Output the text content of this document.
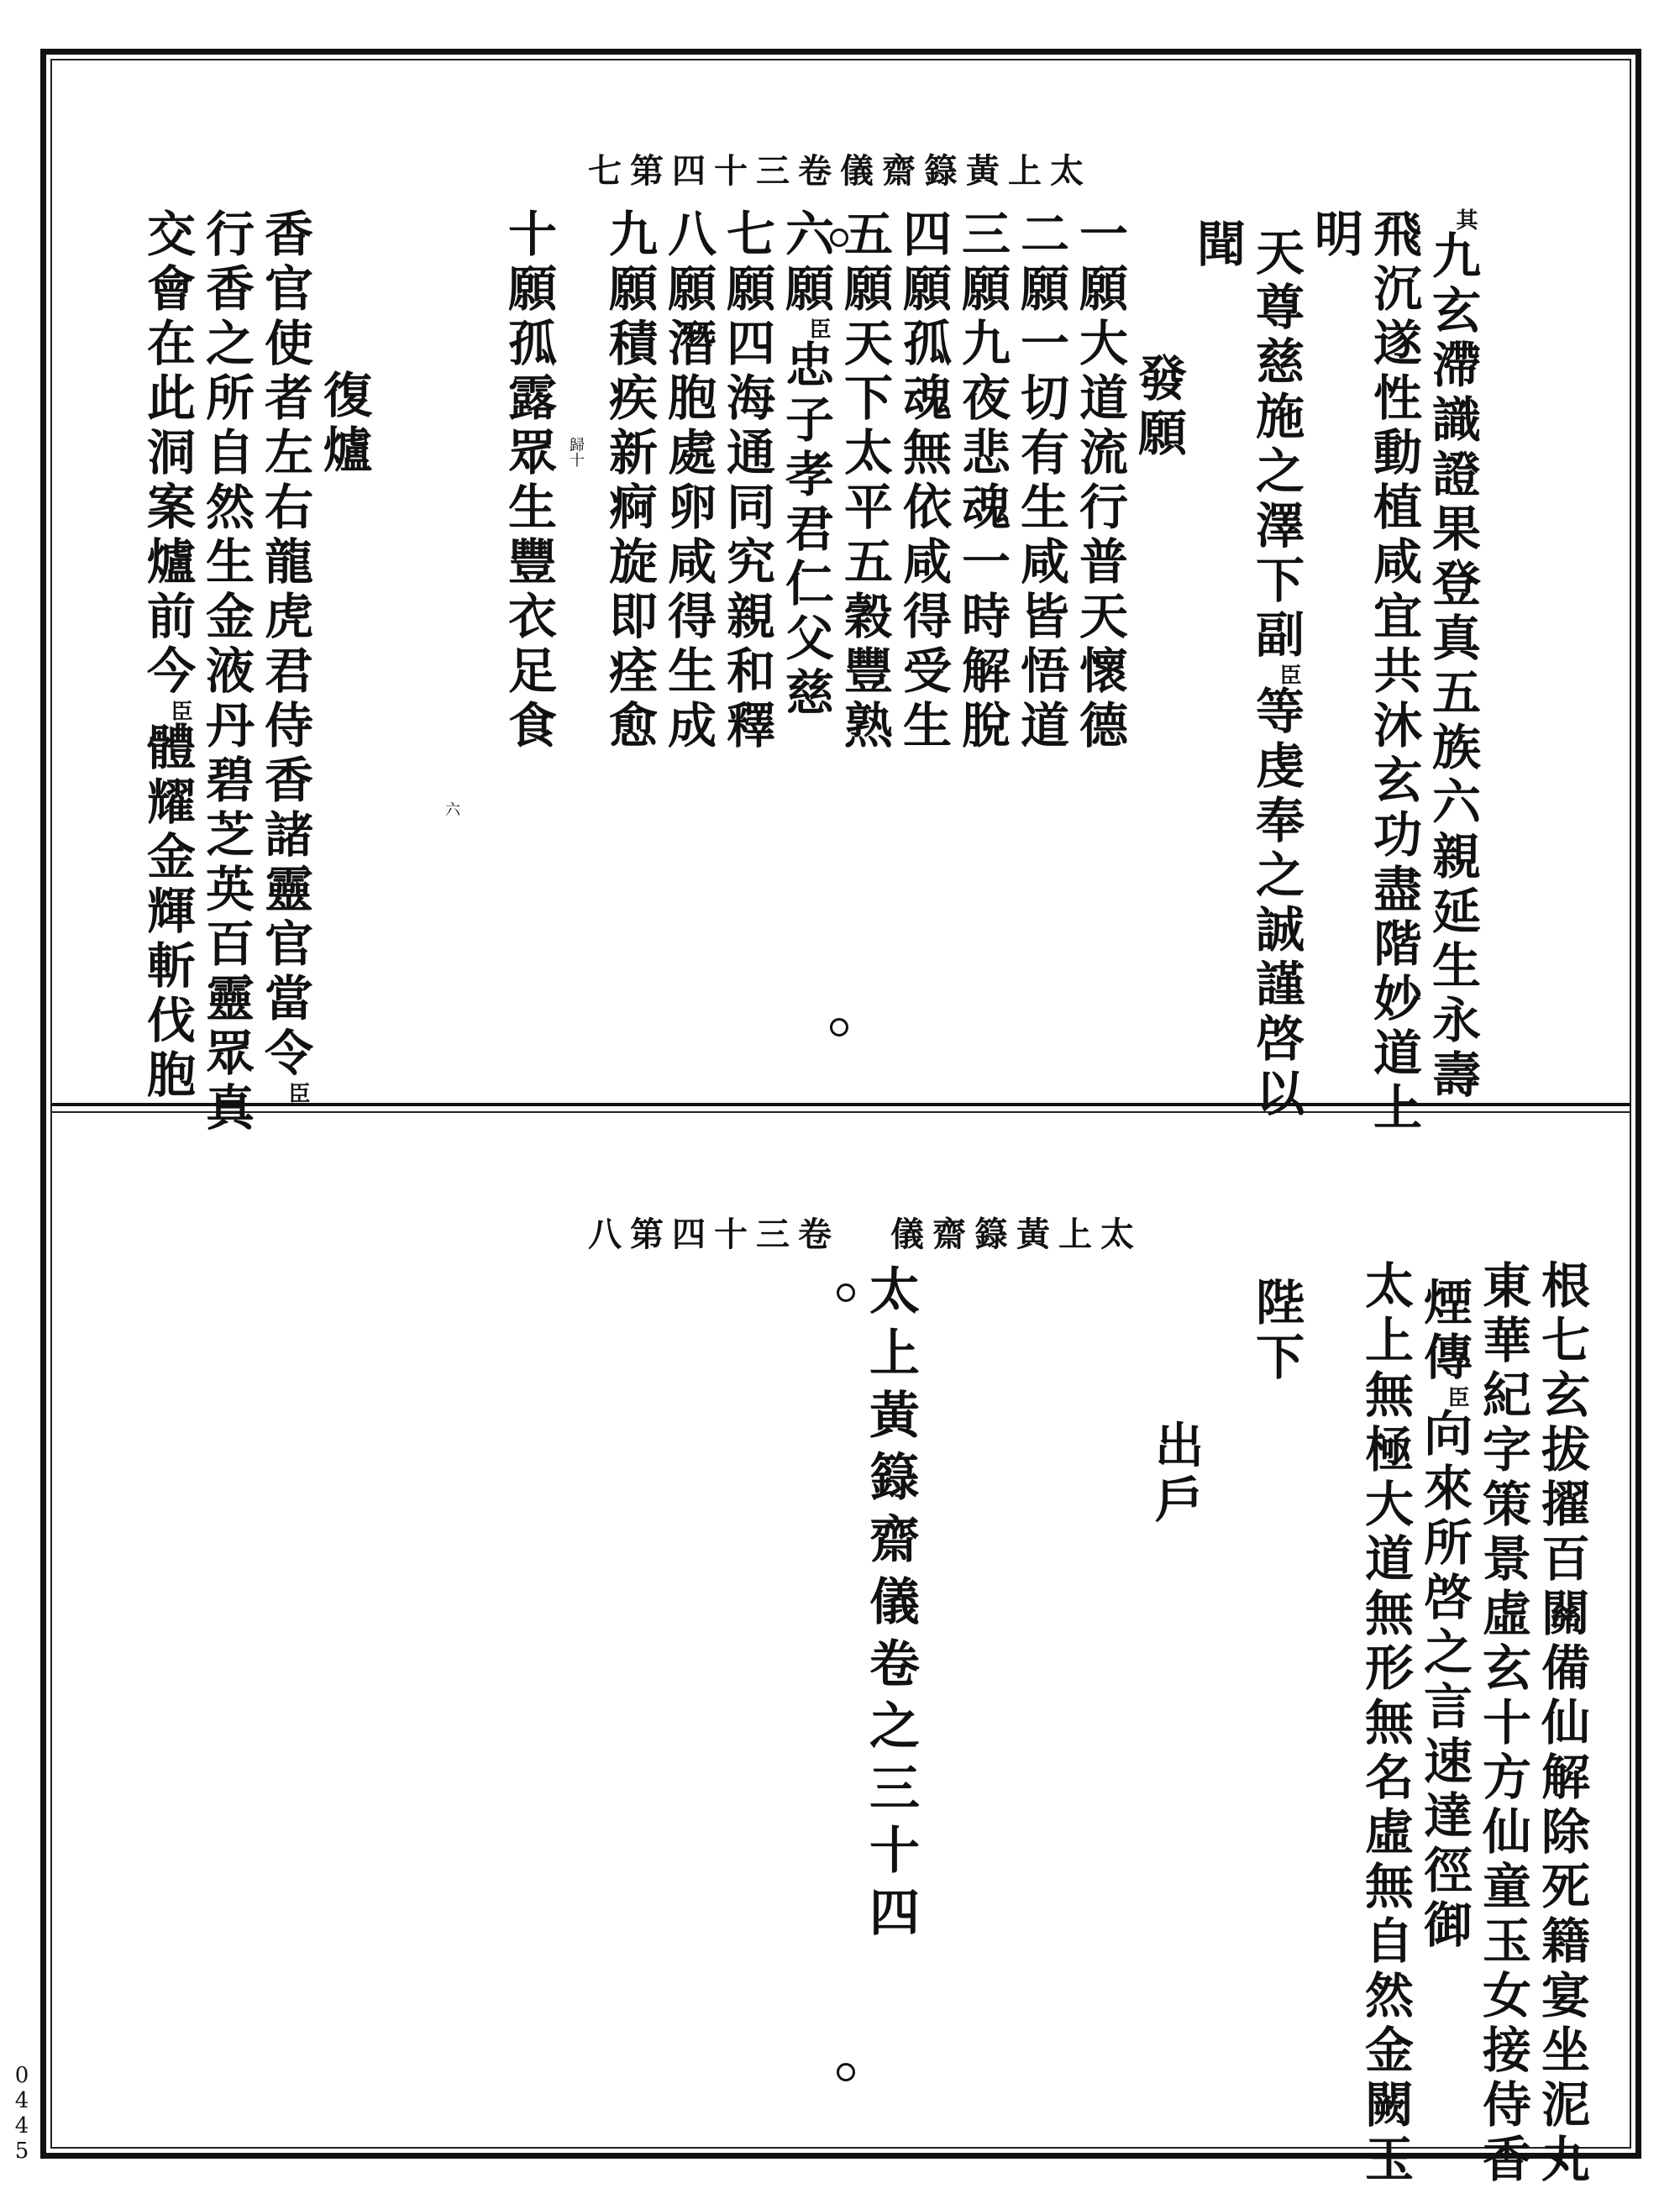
0
4
4
5
太上黃籙齋儀
其九玄滯識證果登真五族六親延生永壽
飛沉遂性動植咸宜共沐玄功盡階妙道上
明
天尊慈施之澤下副臣等虔奉之誠謹啓以
聞
發願
一願大道流行普天懷德
二願一切有生咸皆悟道
三願九夜悲魂一時解脫
四願孤魂無依咸得受生
五願天下太平五穀豐熟
六願臣忠子孝君仁父慈
七願四海通同究親和釋
八願潛胞處卵咸得生成
九願積疾新痾旋即痊愈
歸十
十願孤露眾生豐衣足食
六
復爐
香官使者左右龍虎君侍香諸靈官當令臣
行香之所自然生金液丹碧芝英百靈眾真
交會在此洞案爐前今臣體耀金輝斬伐胞
根七玄拔擢百關備仙解除死籍宴坐泥丸
東華紀字策景虛玄十方仙童玉女接侍香
煙傳臣向來所啓之言速達徑御
太上無極大道無形無名虛無自然金闕玉
陛下
出戶
太上黃籙齋儀卷之三十四
卷三十四第七
卷三十四第八 太上黃籙齋儀
